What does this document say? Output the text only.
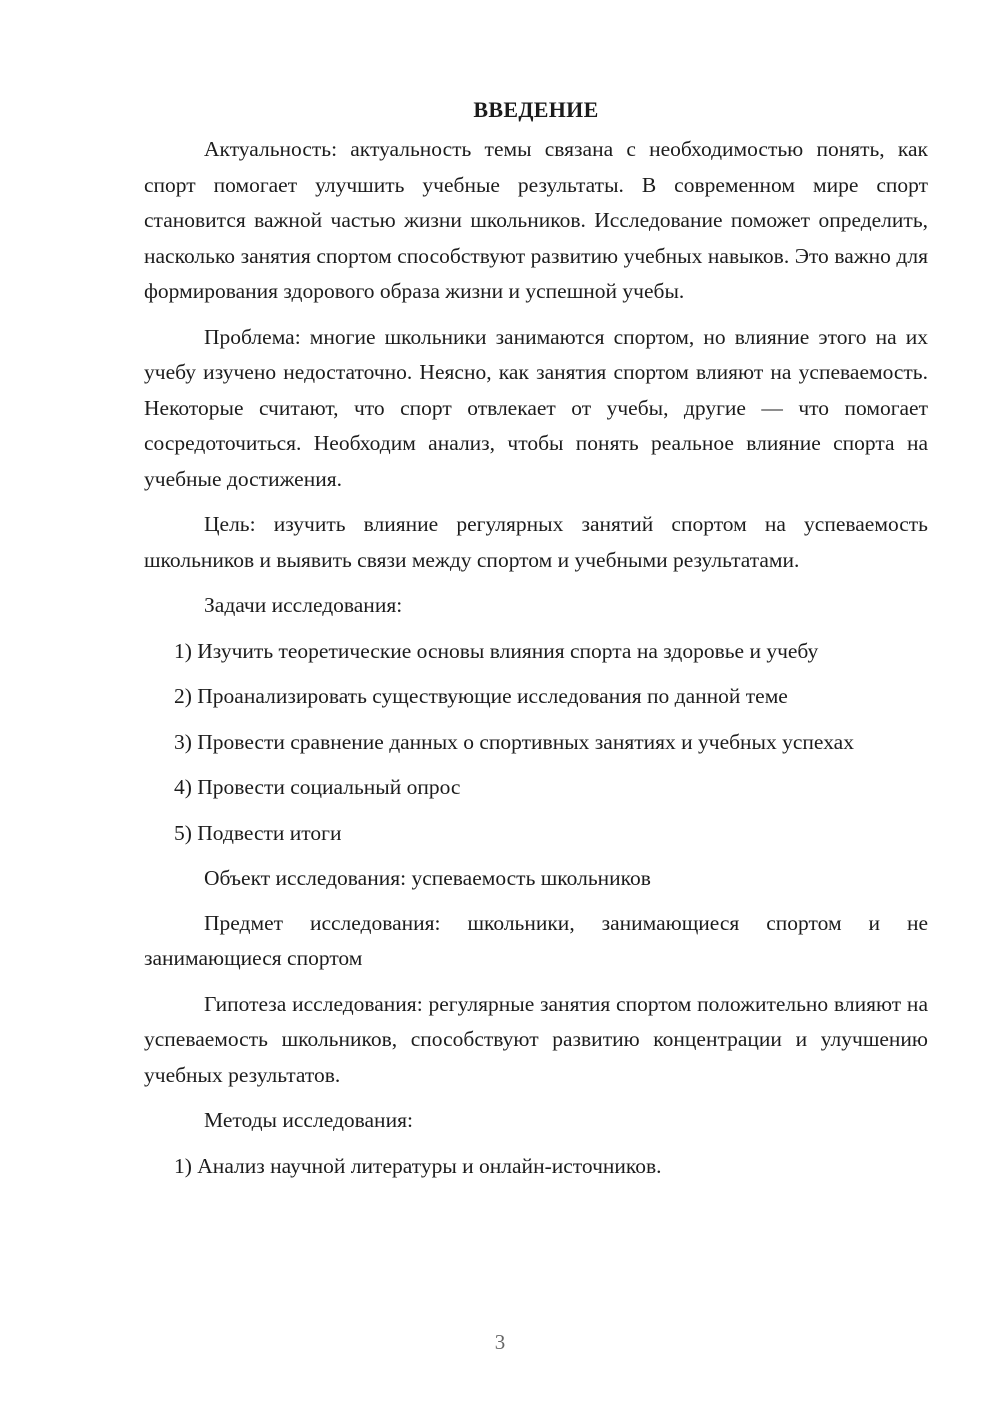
ВВЕДЕНИЕ
Актуальность: актуальность темы связана с необходимостью понять, как спорт помогает улучшить учебные результаты. В современном мире спорт становится важной частью жизни школьников. Исследование поможет определить, насколько занятия спортом способствуют развитию учебных навыков. Это важно для формирования здорового образа жизни и успешной учебы.
Проблема: многие школьники занимаются спортом, но влияние этого на их учебу изучено недостаточно. Неясно, как занятия спортом влияют на успеваемость. Некоторые считают, что спорт отвлекает от учебы, другие — что помогает сосредоточиться. Необходим анализ, чтобы понять реальное влияние спорта на учебные достижения.
Цель: изучить влияние регулярных занятий спортом на успеваемость школьников и выявить связи между спортом и учебными результатами.
Задачи исследования:
1) Изучить теоретические основы влияния спорта на здоровье и учебу
2) Проанализировать существующие исследования по данной теме
3) Провести сравнение данных о спортивных занятиях и учебных успехах
4) Провести социальный опрос
5) Подвести итоги
Объект исследования: успеваемость школьников
Предмет исследования: школьники, занимающиеся спортом и не занимающиеся спортом
Гипотеза исследования: регулярные занятия спортом положительно влияют на успеваемость школьников, способствуют развитию концентрации и улучшению учебных результатов.
Методы исследования:
1) Анализ научной литературы и онлайн-источников.
3
